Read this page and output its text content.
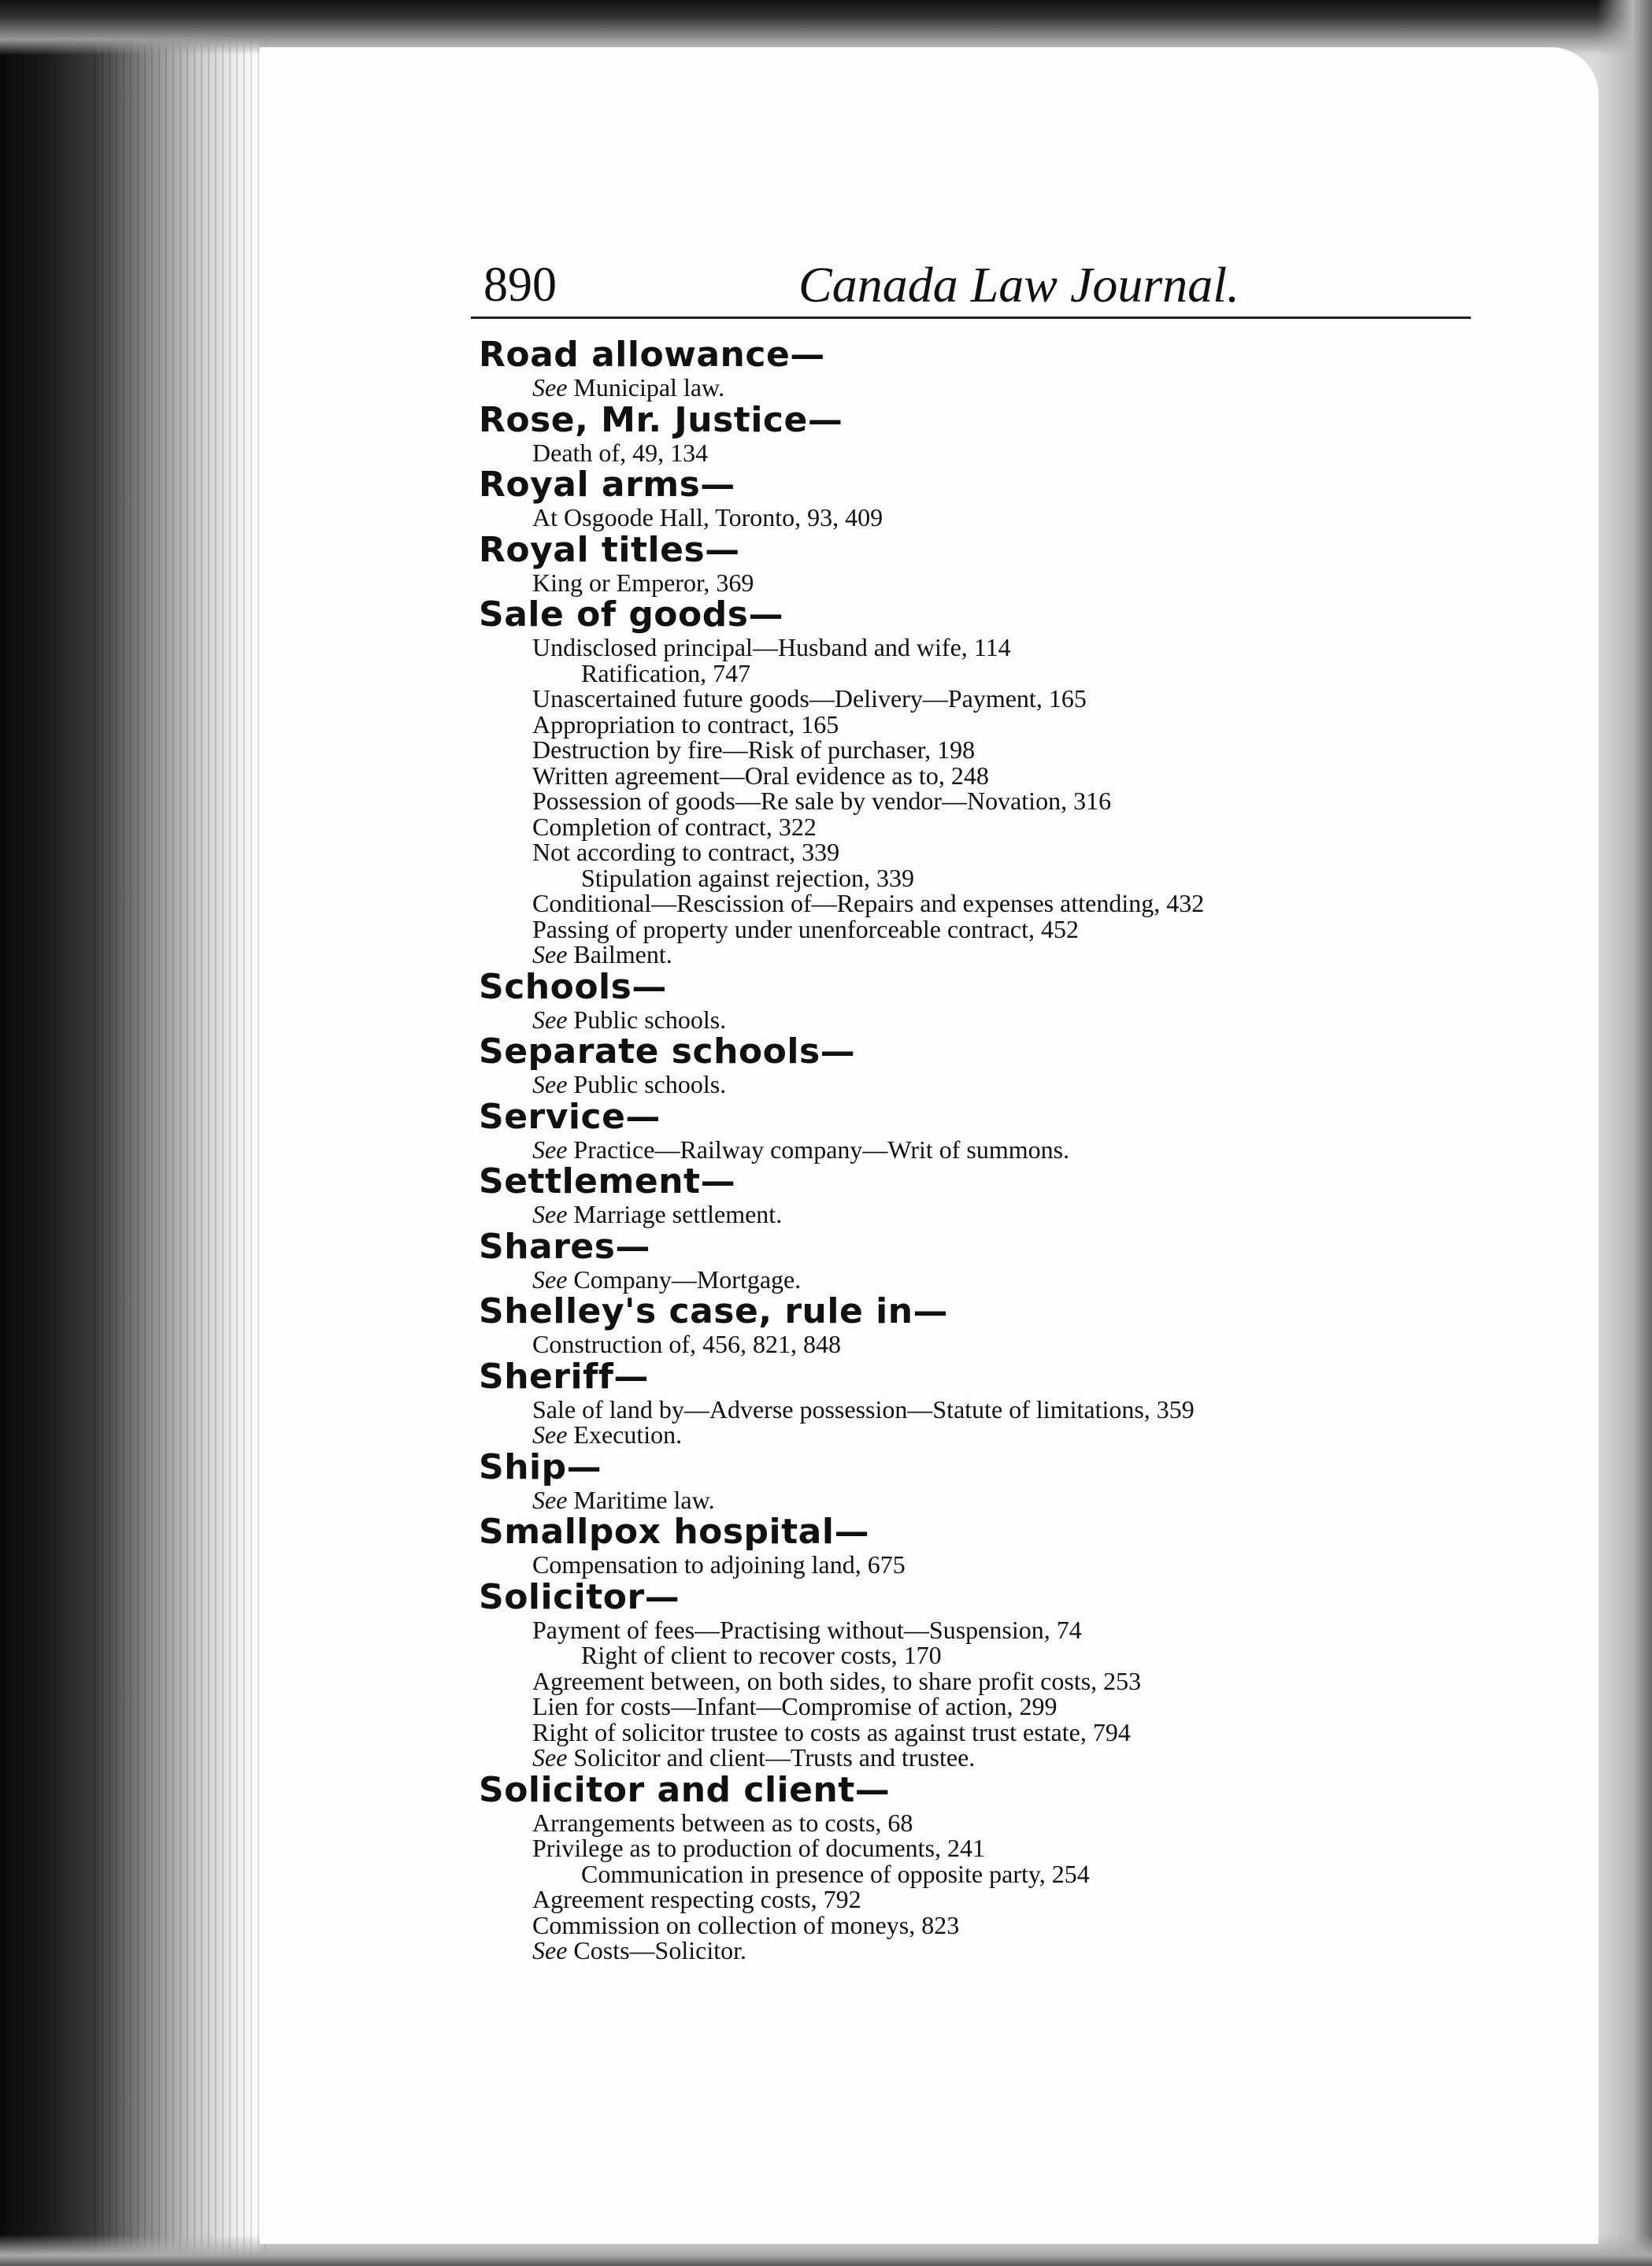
890	Canada Law Journal.
Road allowance—
See Municipal law.
Rose, Mr. Justice—
Death of, 49, 134
Royal arms—
At Osgoode Hall, Toronto, 93, 409
Royal titles—
King or Emperor, 369
Sale of goods—
Undisclosed principal—Husband and wife, 114
Ratification, 747
Unascertained future goods—Delivery—Payment, 165
Appropriation to contract, 165
Destruction by fire—Risk of purchaser, 198
Written agreement—Oral evidence as to, 248
Possession of goods—Re sale by vendor—Novation, 316
Completion of contract, 322
Not according to contract, 339
Stipulation against rejection, 339
Conditional—Rescission of—Repairs and expenses attending, 432
Passing of property under unenforceable contract, 452
See Bailment.
Schools—
See Public schools.
Separate schools—
See Public schools.
Service—
See Practice—Railway company—Writ of summons.
Settlement—
See Marriage settlement.
Shares—
See Company—Mortgage.
Shelley's case, rule in—
Construction of, 456, 821, 848
Sheriff—
Sale of land by—Adverse possession—Statute of limitations, 359
See Execution.
Ship—
See Maritime law.
Smallpox hospital—
Compensation to adjoining land, 675
Solicitor—
Payment of fees—Practising without—Suspension, 74
Right of client to recover costs, 170
Agreement between, on both sides, to share profit costs, 253
Lien for costs—Infant—Compromise of action, 299
Right of solicitor trustee to costs as against trust estate, 794
See Solicitor and client—Trusts and trustee.
Solicitor and client—
Arrangements between as to costs, 68
Privilege as to production of documents, 241
Communication in presence of opposite party, 254
Agreement respecting costs, 792
Commission on collection of moneys, 823
See Costs—Solicitor.
